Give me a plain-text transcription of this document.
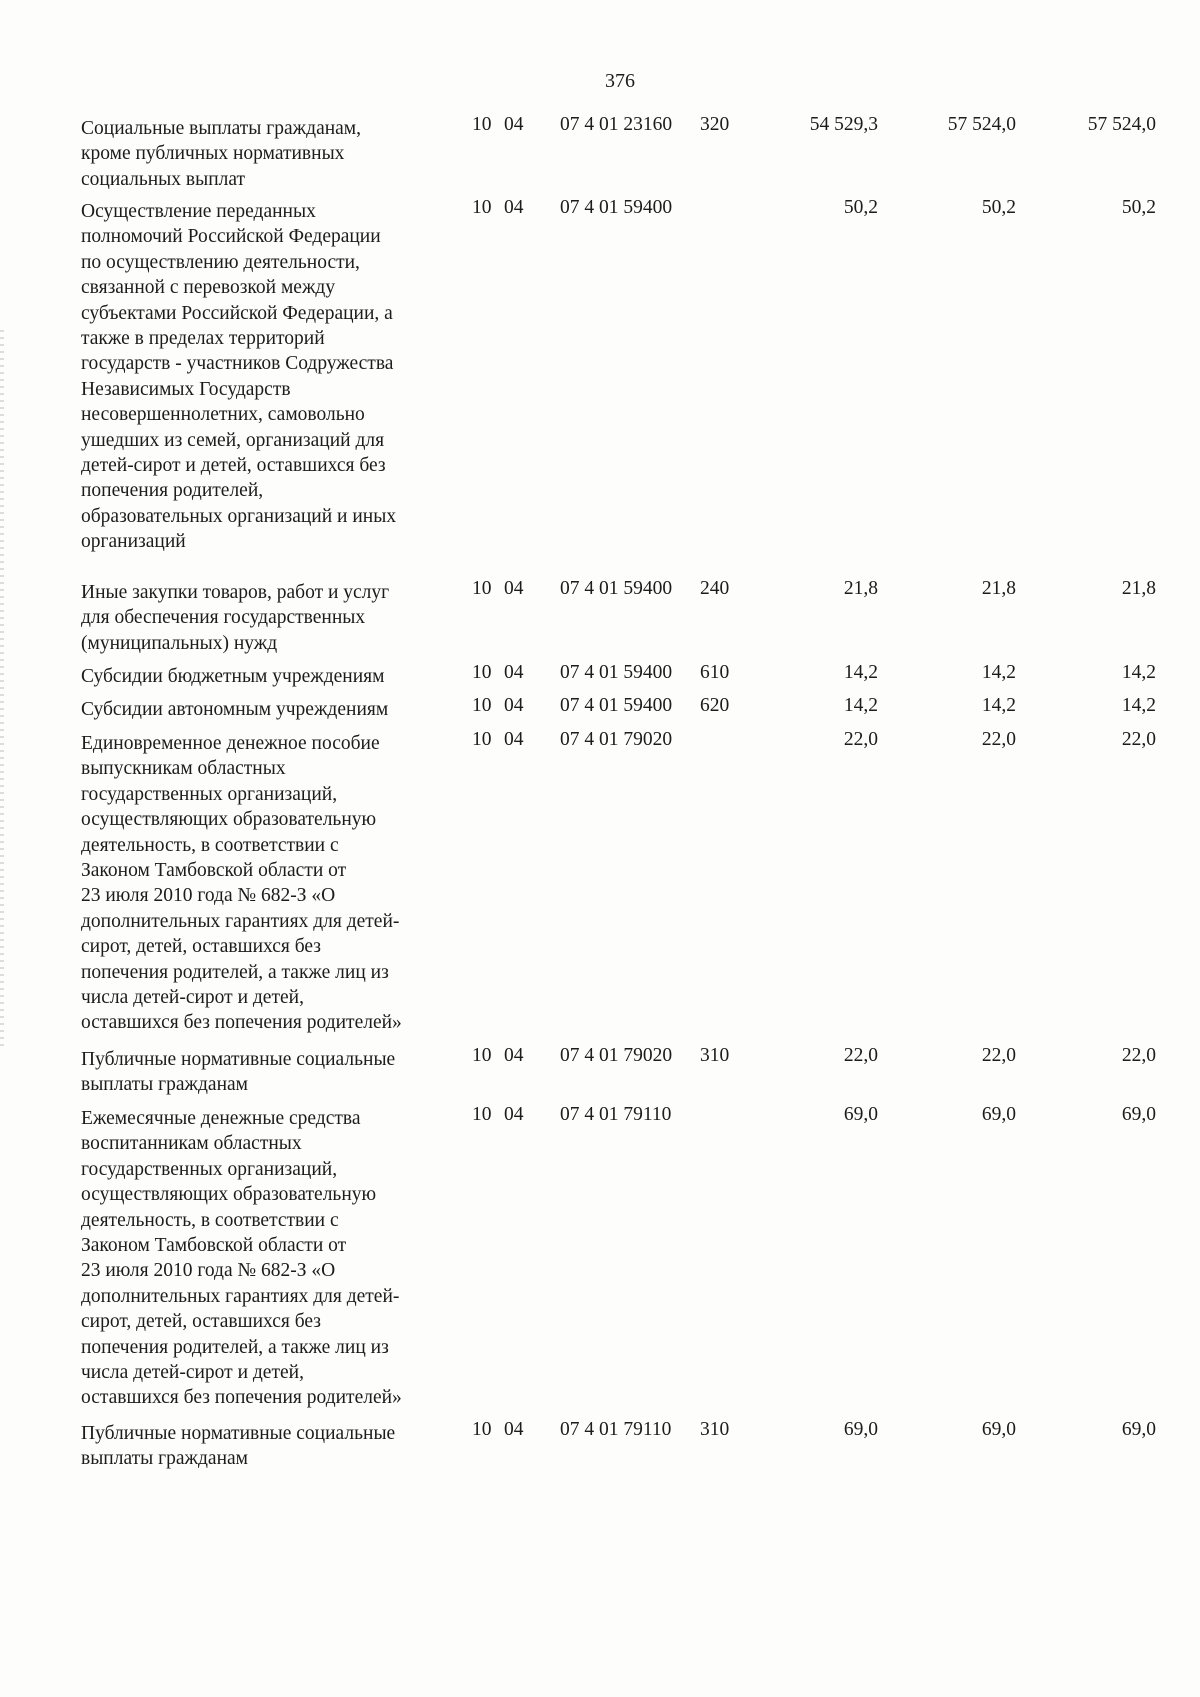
376
Социальные выплаты гражданам,
кроме публичных нормативных
социальных выплат
10 04 07 4 01 23160 320	54 529,3	57 524,0	57 524,0
Осуществление переданных
полномочий Российской Федерации
по осуществлению деятельности,
связанной с перевозкой между
субъектами Российской Федерации, а
также в пределах территорий
государств - участников Содружества
Независимых Государств
несовершеннолетних, самовольно
ушедших из семей, организаций для
детей-сирот и детей, оставшихся без
попечения родителей,
образовательных организаций и иных
организаций
10 04 07 4 01 59400	50,2	50,2	50,2
Иные закупки товаров, работ и услуг
для обеспечения государственных
(муниципальных) нужд
10 04 07 4 01 59400 240	21,8	21,8	21,8
Субсидии бюджетным учреждениям	10 04 07 4 01 59400 610	14,2	14,2	14,2
Субсидии автономным учреждениям	10 04 07 4 01 59400 620	14,2	14,2	14,2
Единовременное денежное пособие
выпускникам областных
государственных организаций,
осуществляющих образовательную
деятельность, в соответствии с
Законом Тамбовской области от
23 июля 2010 года № 682-З «О
дополнительных гарантиях для детей-
сирот, детей, оставшихся без
попечения родителей, а также лиц из
числа детей-сирот и детей,
оставшихся без попечения родителей»
10 04 07 4 01 79020	22,0	22,0	22,0
Публичные нормативные социальные
выплаты гражданам
10 04 07 4 01 79020 310	22,0	22,0	22,0
Ежемесячные денежные средства
воспитанникам областных
государственных организаций,
осуществляющих образовательную
деятельность, в соответствии с
Законом Тамбовской области от
23 июля 2010 года № 682-З «О
дополнительных гарантиях для детей-
сирот, детей, оставшихся без
попечения родителей, а также лиц из
числа детей-сирот и детей,
оставшихся без попечения родителей»
10 04 07 4 01 79110	69,0	69,0	69,0
Публичные нормативные социальные
выплаты гражданам
10 04 07 4 01 79110 310	69,0	69,0	69,0
